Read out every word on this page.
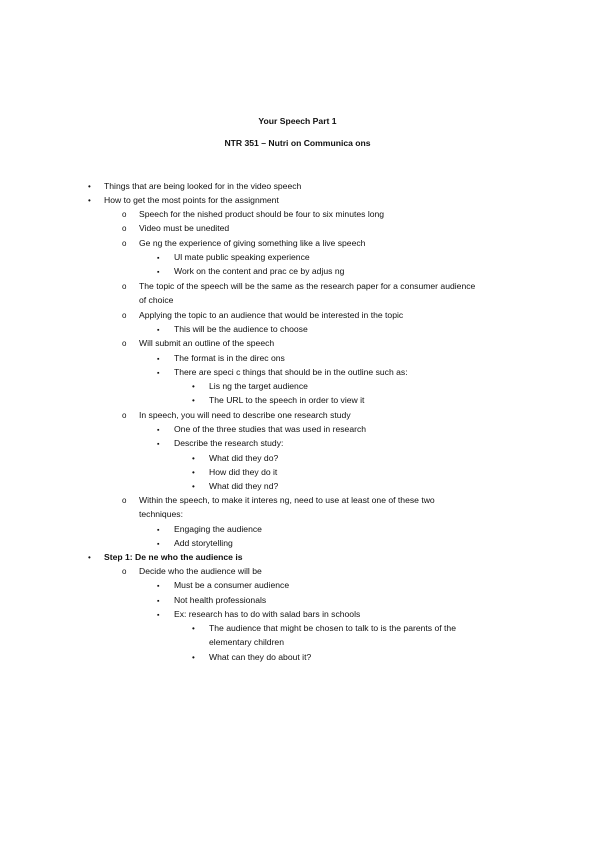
Your Speech Part 1
NTR 351 – Nutri on Communica ons
•
Things that are being looked for in the video speech
•
How to get the most points for the assignment
o
Speech for the nished product should be four to six minutes long
o
Video must be unedited
o
Ge ng the experience of giving something like a live speech
▪
Ul mate public speaking experience
▪
Work on the content and prac ce by adjus ng
o
The topic of the speech will be the same as the research paper for a consumer audience
of choice
o
Applying the topic to an audience that would be interested in the topic
▪
This will be the audience to choose
o
Will submit an outline of the speech
▪
The format is in the direc ons
▪
There are speci c things that should be in the outline such as:
•
Lis ng the target audience
•
The URL to the speech in order to view it
o
In speech, you will need to describe one research study
▪
One of the three studies that was used in research
▪
Describe the research study:
•
What did they do?
•
How did they do it
•
What did they nd?
o
Within the speech, to make it interes ng, need to use at least one of these two
techniques:
▪
Engaging the audience
▪
Add storytelling
•
Step 1: De ne who the audience is
o
Decide who the audience will be
▪
Must be a consumer audience
▪
Not health professionals
▪
Ex: research has to do with salad bars in schools
•
The audience that might be chosen to talk to is the parents of the
elementary children
•
What can they do about it?
